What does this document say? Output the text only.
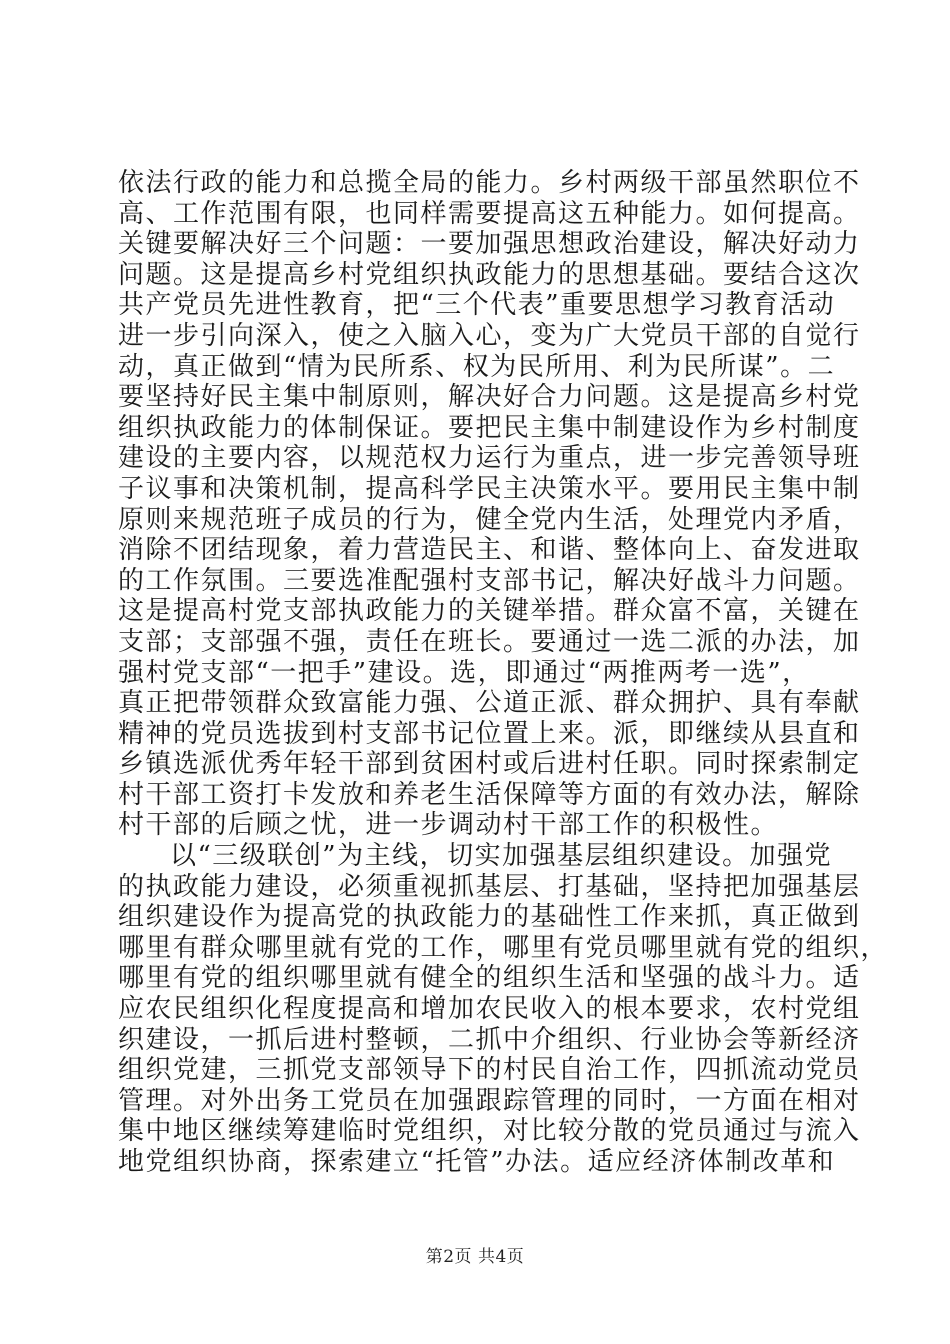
依法行政的能力和总揽全局的能力。乡村两级干部虽然职位不
高、工作范围有限，也同样需要提高这五种能力。如何提高。
关键要解决好三个问题：一要加强思想政治建设，解决好动力
问题。这是提高乡村党组织执政能力的思想基础。要结合这次
共产党员先进性教育，把“三个代表”重要思想学习教育活动
进一步引向深入，使之入脑入心，变为广大党员干部的自觉行
动，真正做到“情为民所系、权为民所用、利为民所谋”。二
要坚持好民主集中制原则，解决好合力问题。这是提高乡村党
组织执政能力的体制保证。要把民主集中制建设作为乡村制度
建设的主要内容，以规范权力运行为重点，进一步完善领导班
子议事和决策机制，提高科学民主决策水平。要用民主集中制
原则来规范班子成员的行为，健全党内生活，处理党内矛盾，
消除不团结现象，着力营造民主、和谐、整体向上、奋发进取
的工作氛围。三要选准配强村支部书记，解决好战斗力问题。
这是提高村党支部执政能力的关键举措。群众富不富，关键在
支部；支部强不强，责任在班长。要通过一选二派的办法，加
强村党支部“一把手”建设。选，即通过“两推两考一选”，
真正把带领群众致富能力强、公道正派、群众拥护、具有奉献
精神的党员选拔到村支部书记位置上来。派，即继续从县直和
乡镇选派优秀年轻干部到贫困村或后进村任职。同时探索制定
村干部工资打卡发放和养老生活保障等方面的有效办法，解除
村干部的后顾之忧，进一步调动村干部工作的积极性。
以“三级联创”为主线，切实加强基层组织建设。加强党
的执政能力建设，必须重视抓基层、打基础，坚持把加强基层
组织建设作为提高党的执政能力的基础性工作来抓，真正做到
哪里有群众哪里就有党的工作，哪里有党员哪里就有党的组织，
哪里有党的组织哪里就有健全的组织生活和坚强的战斗力。适
应农民组织化程度提高和增加农民收入的根本要求，农村党组
织建设，一抓后进村整顿，二抓中介组织、行业协会等新经济
组织党建，三抓党支部领导下的村民自治工作，四抓流动党员
管理。对外出务工党员在加强跟踪管理的同时，一方面在相对
集中地区继续筹建临时党组织，对比较分散的党员通过与流入
地党组织协商，探索建立“托管”办法。适应经济体制改革和
第2页 共4页
